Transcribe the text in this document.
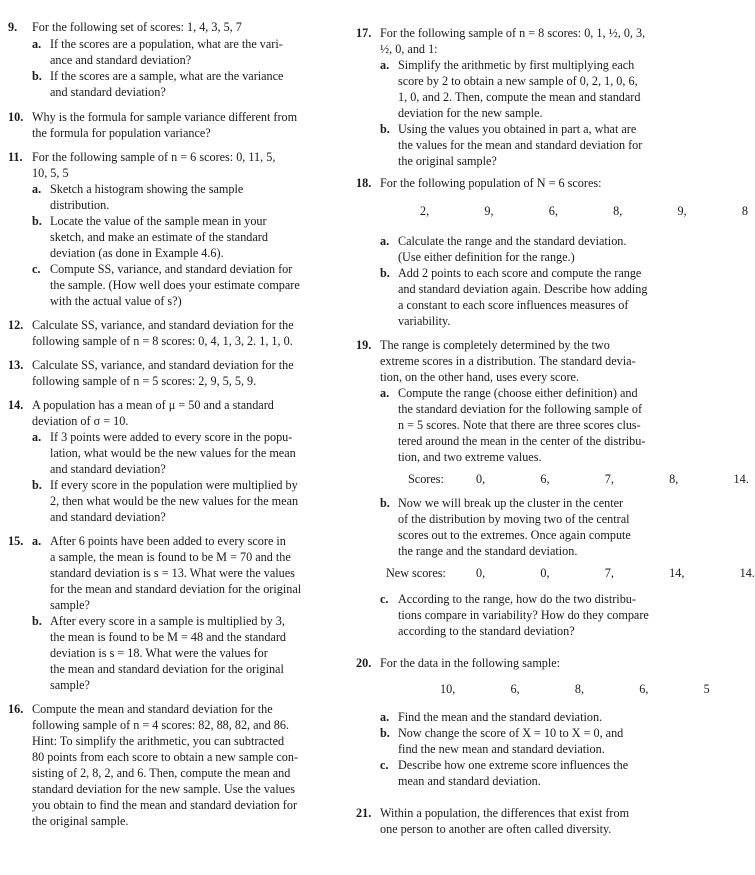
9. For the following set of scores: 1, 4, 3, 5, 7
a. If the scores are a population, what are the vari-
ance and standard deviation?
b. If the scores are a sample, what are the variance
and standard deviation?
10. Why is the formula for sample variance different from
the formula for population variance?
11. For the following sample of n = 6 scores: 0, 11, 5,
10, 5, 5
a. Sketch a histogram showing the sample
distribution.
b. Locate the value of the sample mean in your
sketch, and make an estimate of the standard
deviation (as done in Example 4.6).
c. Compute SS, variance, and standard deviation for
the sample. (How well does your estimate compare
with the actual value of s?)
12. Calculate SS, variance, and standard deviation for the
following sample of n = 8 scores: 0, 4, 1, 3, 2. 1, 1, 0.
13. Calculate SS, variance, and standard deviation for the
following sample of n = 5 scores: 2, 9, 5, 5, 9.
14. A population has a mean of μ = 50 and a standard
deviation of σ = 10.
a. If 3 points were added to every score in the popu-
lation, what would be the new values for the mean
and standard deviation?
b. If every score in the population were multiplied by
2, then what would be the new values for the mean
and standard deviation?
15. a. After 6 points have been added to every score in
a sample, the mean is found to be M = 70 and the
standard deviation is s = 13. What were the values
for the mean and standard deviation for the original
sample?
b. After every score in a sample is multiplied by 3,
the mean is found to be M = 48 and the standard
deviation is s = 18. What were the values for
the mean and standard deviation for the original
sample?
16. Compute the mean and standard deviation for the
following sample of n = 4 scores: 82, 88, 82, and 86.
Hint: To simplify the arithmetic, you can subtracted
80 points from each score to obtain a new sample con-
sisting of 2, 8, 2, and 6. Then, compute the mean and
standard deviation for the new sample. Use the values
you obtain to find the mean and standard deviation for
the original sample.
17. For the following sample of n = 8 scores: 0, 1, ½, 0, 3,
½, 0, and 1:
a. Simplify the arithmetic by first multiplying each
score by 2 to obtain a new sample of 0, 2, 1, 0, 6,
1, 0, and 2. Then, compute the mean and standard
deviation for the new sample.
b. Using the values you obtained in part a, what are
the values for the mean and standard deviation for
the original sample?
18. For the following population of N = 6 scores:
2,     9,     6,     8,     9,     8
a. Calculate the range and the standard deviation.
(Use either definition for the range.)
b. Add 2 points to each score and compute the range
and standard deviation again. Describe how adding
a constant to each score influences measures of
variability.
19. The range is completely determined by the two
extreme scores in a distribution. The standard devia-
tion, on the other hand, uses every score.
a. Compute the range (choose either definition) and
the standard deviation for the following sample of
n = 5 scores. Note that there are three scores clus-
tered around the mean in the center of the distribu-
tion, and two extreme values.
Scores:	0,     6,     7,     8,     14.
b. Now we will break up the cluster in the center
of the distribution by moving two of the central
scores out to the extremes. Once again compute
the range and the standard deviation.
New scores: 0,     0,     7,     14,     14.
c. According to the range, how do the two distribu-
tions compare in variability? How do they compare
according to the standard deviation?
20. For the data in the following sample:
10,     6,     8,     6,     5
a. Find the mean and the standard deviation.
b. Now change the score of X = 10 to X = 0, and
find the new mean and standard deviation.
c. Describe how one extreme score influences the
mean and standard deviation.
21. Within a population, the differences that exist from
one person to another are often called diversity.
